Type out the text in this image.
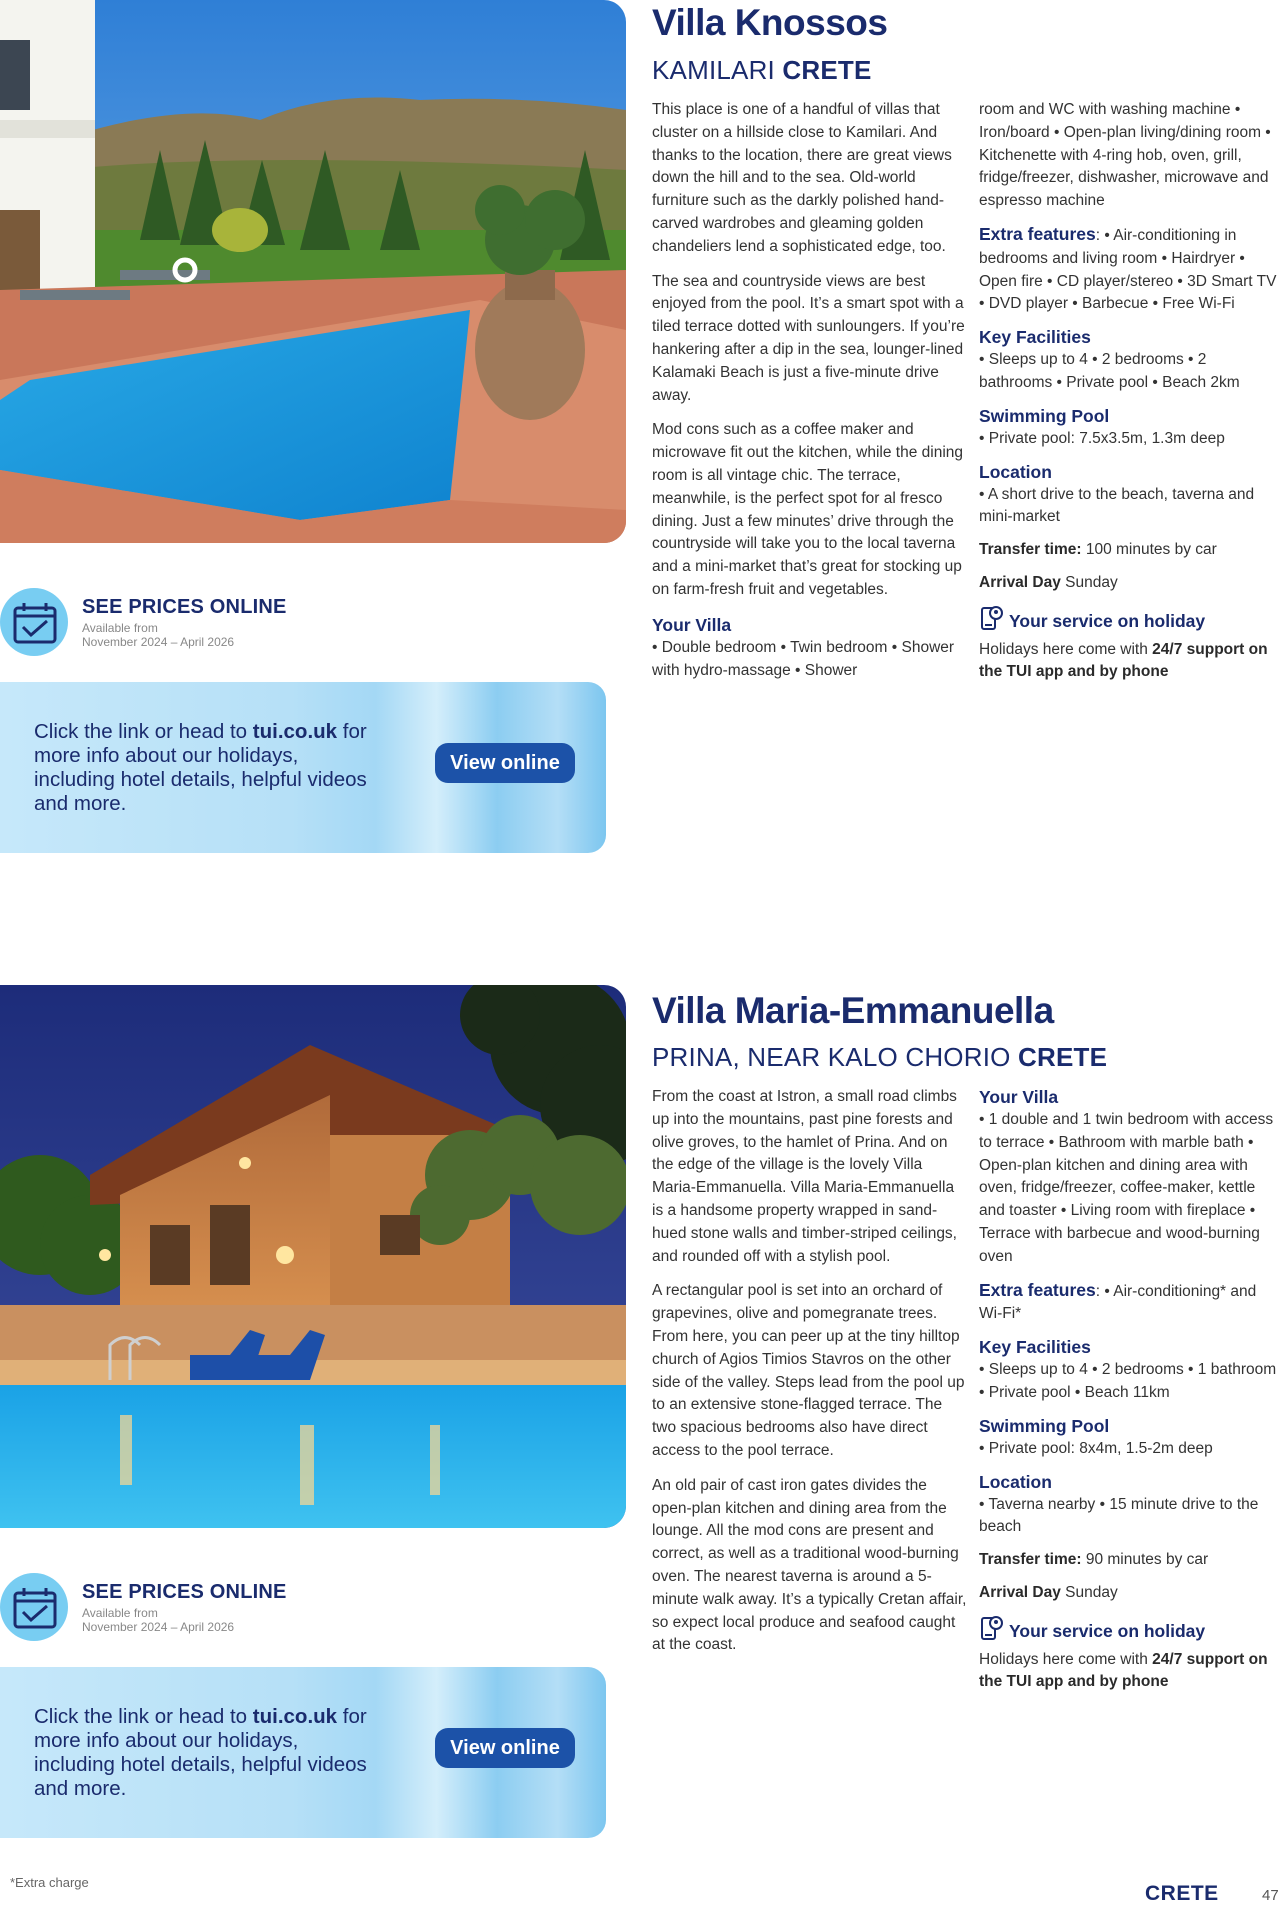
SEE PRICES ONLINE
Available from
November 2024 – April 2026
Click the link or head to tui.co.uk for more info about our holidays, including hotel details, helpful videos and more.
View online
Villa Knossos
KAMILARI CRETE

This place is one of a handful of villas that cluster on a hillside close to Kamilari. And thanks to the location, there are great views down the hill and to the sea. Old-world furniture such as the darkly polished hand-carved wardrobes and gleaming golden chandeliers lend a sophisticated edge, too.

The sea and countryside views are best enjoyed from the pool. It’s a smart spot with a tiled terrace dotted with sunloungers. If you’re hankering after a dip in the sea, lounger-lined Kalamaki Beach is just a five-minute drive away.

Mod cons such as a coffee maker and microwave fit out the kitchen, while the dining room is all vintage chic. The terrace, meanwhile, is the perfect spot for al fresco dining. Just a few minutes’ drive through the countryside will take you to the local taverna and a mini-market that’s great for stocking up on farm-fresh fruit and vegetables.

Your Villa
• Double bedroom • Twin bedroom • Shower with hydro-massage • Shower
room and WC with washing machine • Iron/board • Open-plan living/dining room • Kitchenette with 4-ring hob, oven, grill, fridge/freezer, dishwasher, microwave and espresso machine
Extra features: • Air-conditioning in bedrooms and living room • Hairdryer • Open fire • CD player/stereo • 3D Smart TV • DVD player • Barbecue • Free Wi-Fi
Key Facilities
• Sleeps up to 4 • 2 bedrooms • 2 bathrooms • Private pool • Beach 2km
Swimming Pool
• Private pool: 7.5x3.5m, 1.3m deep
Location
• A short drive to the beach, taverna and mini-market
Transfer time: 100 minutes by car
Arrival Day Sunday
Your service on holiday
Holidays here come with 24/7 support on the TUI app and by phone
SEE PRICES ONLINE
Available from
November 2024 – April 2026
Click the link or head to tui.co.uk for more info about our holidays, including hotel details, helpful videos and more.
View online
Villa Maria-Emmanuella
PRINA, NEAR KALO CHORIO CRETE

From the coast at Istron, a small road climbs up into the mountains, past pine forests and olive groves, to the hamlet of Prina. And on the edge of the village is the lovely Villa Maria-Emmanuella. Villa Maria-Emmanuella is a handsome property wrapped in sand-hued stone walls and timber-striped ceilings, and rounded off with a stylish pool.

A rectangular pool is set into an orchard of grapevines, olive and pomegranate trees. From here, you can peer up at the tiny hilltop church of Agios Timios Stavros on the other side of the valley. Steps lead from the pool up to an extensive stone-flagged terrace. The two spacious bedrooms also have direct access to the pool terrace.

An old pair of cast iron gates divides the open-plan kitchen and dining area from the lounge. All the mod cons are present and correct, as well as a traditional wood-burning oven. The nearest taverna is around a 5-minute walk away. It’s a typically Cretan affair, so expect local produce and seafood caught at the coast.

Your Villa
• 1 double and 1 twin bedroom with access to terrace • Bathroom with marble bath • Open-plan kitchen and dining area with oven, fridge/freezer, coffee-maker, kettle and toaster • Living room with fireplace • Terrace with barbecue and wood-burning oven
Extra features: • Air-conditioning* and Wi-Fi*
Key Facilities
• Sleeps up to 4 • 2 bedrooms • 1 bathroom • Private pool • Beach 11km
Swimming Pool
• Private pool: 8x4m, 1.5-2m deep
Location
• Taverna nearby • 15 minute drive to the beach
Transfer time: 90 minutes by car
Arrival Day Sunday
Your service on holiday
Holidays here come with 24/7 support on the TUI app and by phone
*Extra charge	CRETE	47
